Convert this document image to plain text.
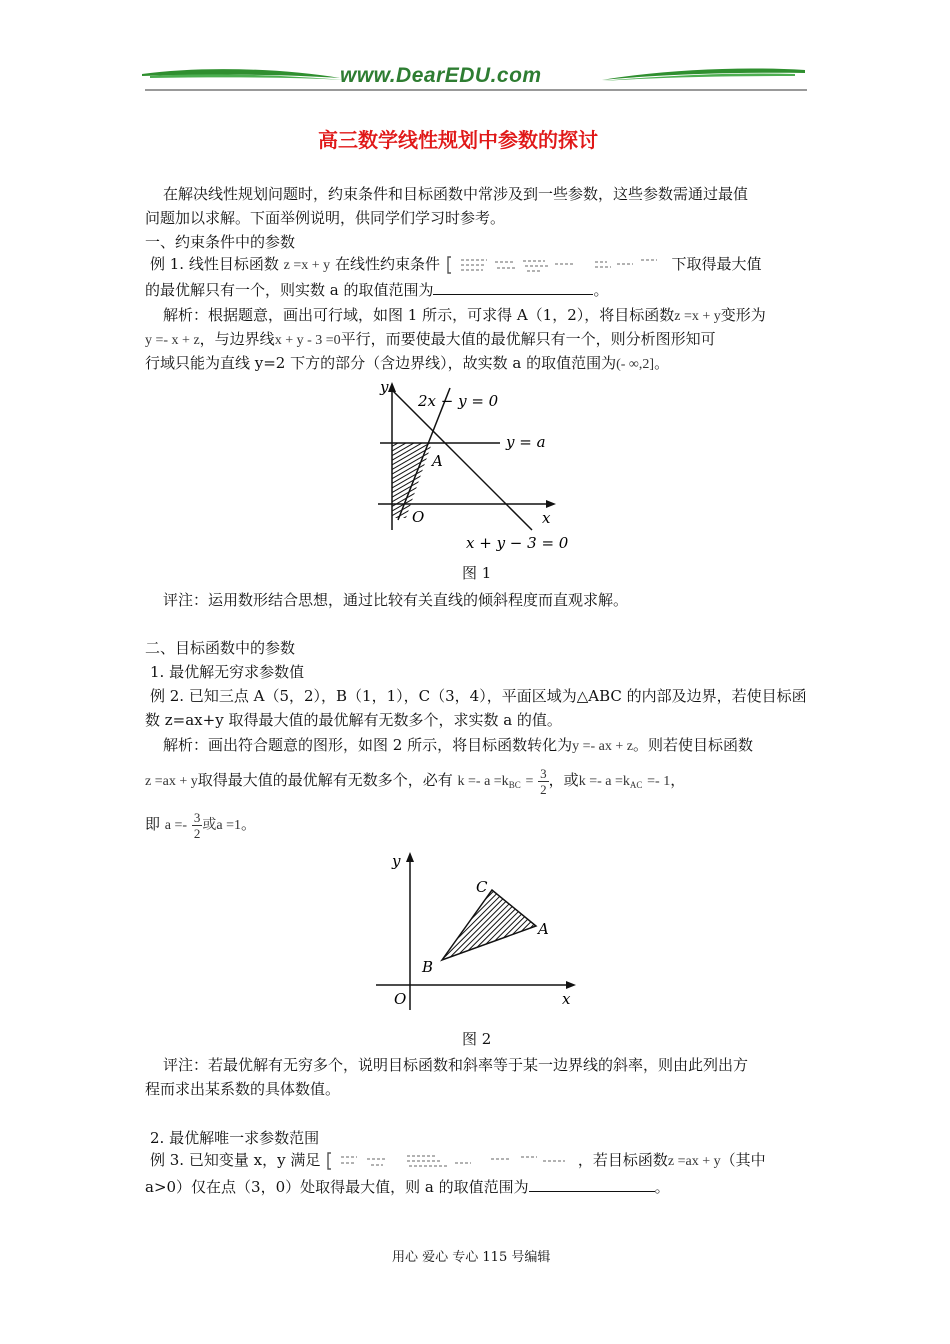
www.DearEDU.com
高三数学线性规划中参数的探讨
在解决线性规划问题时，约束条件和目标函数中常涉及到一些参数，这些参数需通过最值
问题加以求解。下面举例说明，供同学们学习时参考。
一、约束条件中的参数
例 1. 线性目标函数 z =x + y 在线性约束条件	下取得最大值
的最优解只有一个，则实数 a 的取值范围为	。
解析：根据题意，画出可行域，如图 1 所示，可求得 A（1，2），将目标函数z =x + y变形为
y =- x + z，与边界线x + y - 3 =0平行，而要使最大值的最优解只有一个，则分析图形知可
行域只能为直线 y=2 下方的部分（含边界线），故实数 a 的取值范围为(- ∞,2]。
y
2x − y = 0
y = a
A
O	x
x + y − 3 = 0
图 1
评注：运用数形结合思想，通过比较有关直线的倾斜程度而直观求解。
二、目标函数中的参数
1. 最优解无穷求参数值
例 2. 已知三点 A（5，2），B（1，1），C（3，4），平面区域为△ABC 的内部及边界，若使目标函
数 z=ax+y 取得最大值的最优解有无数多个，求实数 a 的值。
解析：画出符合题意的图形，如图 2 所示，将目标函数转化为y =- ax + z。则若使目标函数
z =ax + y取得最大值的最优解有无数多个，必有 $k =- a =k_{BC} = \frac{3}{2}$ ，或$k =- a =k_{AC} =- 1$，
即 $a =- \frac{3}{2}$ 或a =1。
y
C
A
B
O	x
图 2
评注：若最优解有无穷多个，说明目标函数和斜率等于某一边界线的斜率，则由此列出方
程而求出某系数的具体数值。
2. 最优解唯一求参数范围
例 3. 已知变量 x，y 满足	，若目标函数z =ax + y（其中
a>0）仅在点（3，0）处取得最大值，则 a 的取值范围为	。
用心 爱心 专心 115 号编辑
